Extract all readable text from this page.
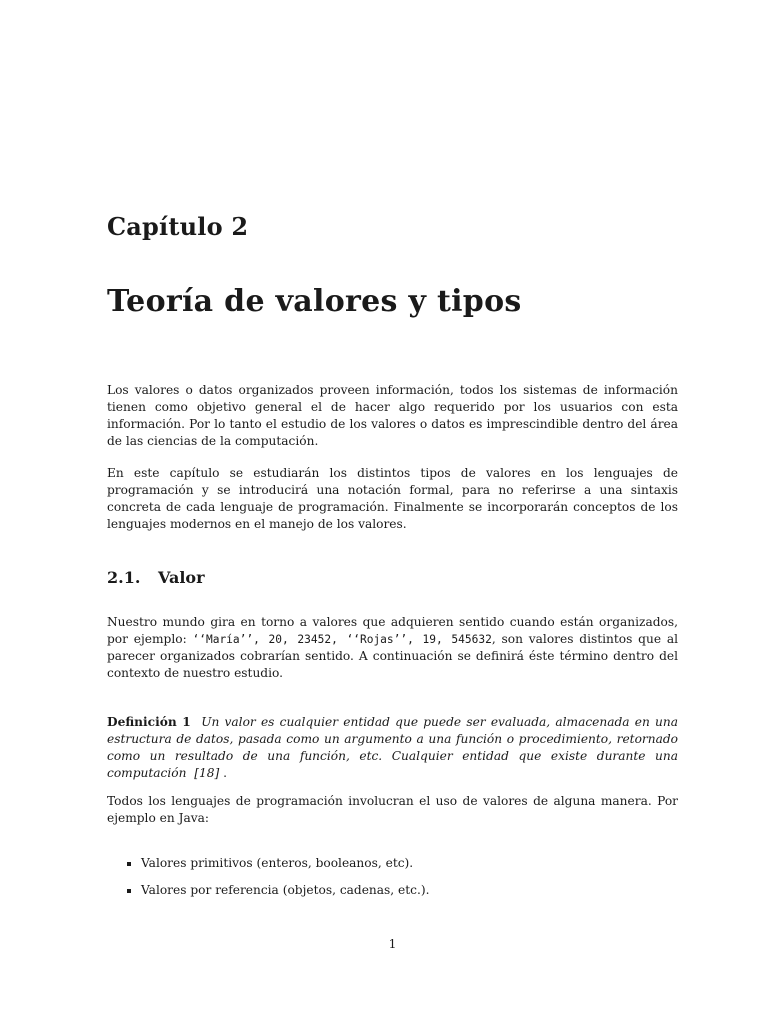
Capítulo 2
Teoría de valores y tipos

Los valores o datos organizados proveen información, todos los sistemas de información tienen como objetivo general el de hacer algo requerido por los usuarios con esta información. Por lo tanto el estudio de los valores o datos es imprescindible dentro del área de las ciencias de la computación.

En este capítulo se estudiarán los distintos tipos de valores en los lenguajes de programación y se introducirá una notación formal, para no referirse a una sintaxis concreta de cada lenguaje de programación. Finalmente se incorporarán conceptos de los lenguajes modernos en el manejo de los valores.

2.1. Valor

Nuestro mundo gira en torno a valores que adquieren sentido cuando están organizados, por ejemplo: ‘‘María’’, 20, 23452, ‘‘Rojas’’, 19, 545632, son valores distintos que al parecer organizados cobrarían sentido. A continuación se definirá éste término dentro del contexto de nuestro estudio.

Definición 1 Un valor es cualquier entidad que puede ser evaluada, almacenada en una estructura de datos, pasada como un argumento a una función o procedimiento, retornado como un resultado de una función, etc. Cualquier entidad que existe durante una computación [18] .

Todos los lenguajes de programación involucran el uso de valores de alguna manera. Por ejemplo en Java:

Valores primitivos (enteros, booleanos, etc).
Valores por referencia (objetos, cadenas, etc.).

1
